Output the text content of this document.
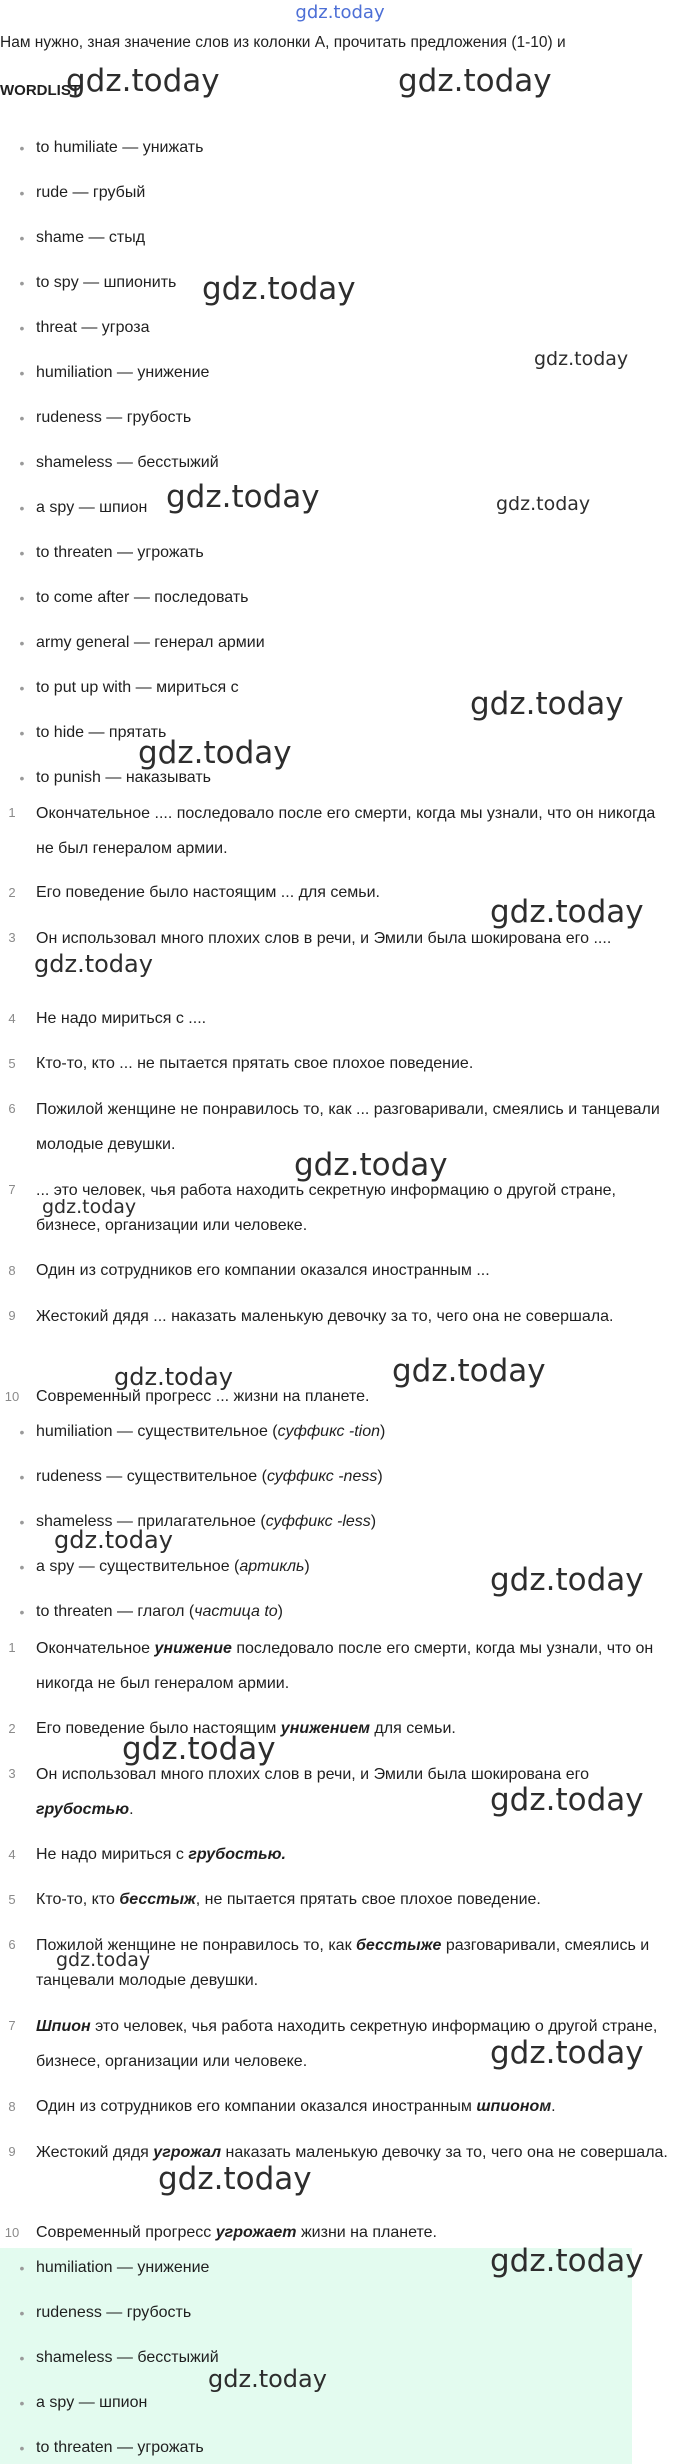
gdz.today
Нам нужно, зная значение слов из колонки A, прочитать предложения (1-10) и
WORDLIST
• to humiliate — унижать
• rude — грубый
• shame — стыд
• to spy — шпионить
• threat — угроза
• humiliation — унижение
• rudeness — грубость
• shameless — бесстыжий
• a spy — шпион
• to threaten — угрожать
• to come after — последовать
• army general — генерал армии
• to put up with — мириться с
• to hide — прятать
• to punish — наказывать
1	Окончательное .... последовало после его смерти, когда мы узнали, что он никогда не был генералом армии.
2	Его поведение было настоящим ... для семьи.
3	Он использовал много плохих слов в речи, и Эмили была шокирована его ....
4	Не надо мириться с ....
5	Кто-то, кто ... не пытается прятать свое плохое поведение.
6	Пожилой женщине не понравилось то, как ... разговаривали, смеялись и танцевали молодые девушки.
7	... это человек, чья работа находить секретную информацию о другой стране, бизнесе, организации или человеке.
8	Один из сотрудников его компании оказался иностранным ...
9	Жестокий дядя ... наказать маленькую девочку за то, чего она не совершала.
10 Современный прогресс ... жизни на планете.
• humiliation — существительное (суффикс -tion)
• rudeness — существительное (суффикс -ness)
• shameless — прилагательное (суффикс -less)
• a spy — существительное (артикль)
• to threaten — глагол (частица to)
1	Окончательное унижение последовало после его смерти, когда мы узнали, что он никогда не был генералом армии.
2	Его поведение было настоящим унижением для семьи.
3	Он использовал много плохих слов в речи, и Эмили была шокирована его грубостью.
4	Не надо мириться с грубостью.
5	Кто-то, кто бесстыж, не пытается прятать свое плохое поведение.
6	Пожилой женщине не понравилось то, как бесстыже разговаривали, смеялись и танцевали молодые девушки.
7	Шпион это человек, чья работа находить секретную информацию о другой стране, бизнесе, организации или человеке.
8	Один из сотрудников его компании оказался иностранным шпионом.
9	Жестокий дядя угрожал наказать маленькую девочку за то, чего она не совершала.
10 Современный прогресс угрожает жизни на планете.
• humiliation — унижение
• rudeness — грубость
• shameless — бесстыжий
• a spy — шпион
• to threaten — угрожать
gdz.today	gdz.today
gdz.today
gdz.today
gdz.today	gdz.today
gdz.today
gdz.today
gdz.today
gdz.today
gdz.today
gdz.today
gdz.today	gdz.today
gdz.today
gdz.today
gdz.today
gdz.today
gdz.today
gdz.today
gdz.today
gdz.today
gdz.today
